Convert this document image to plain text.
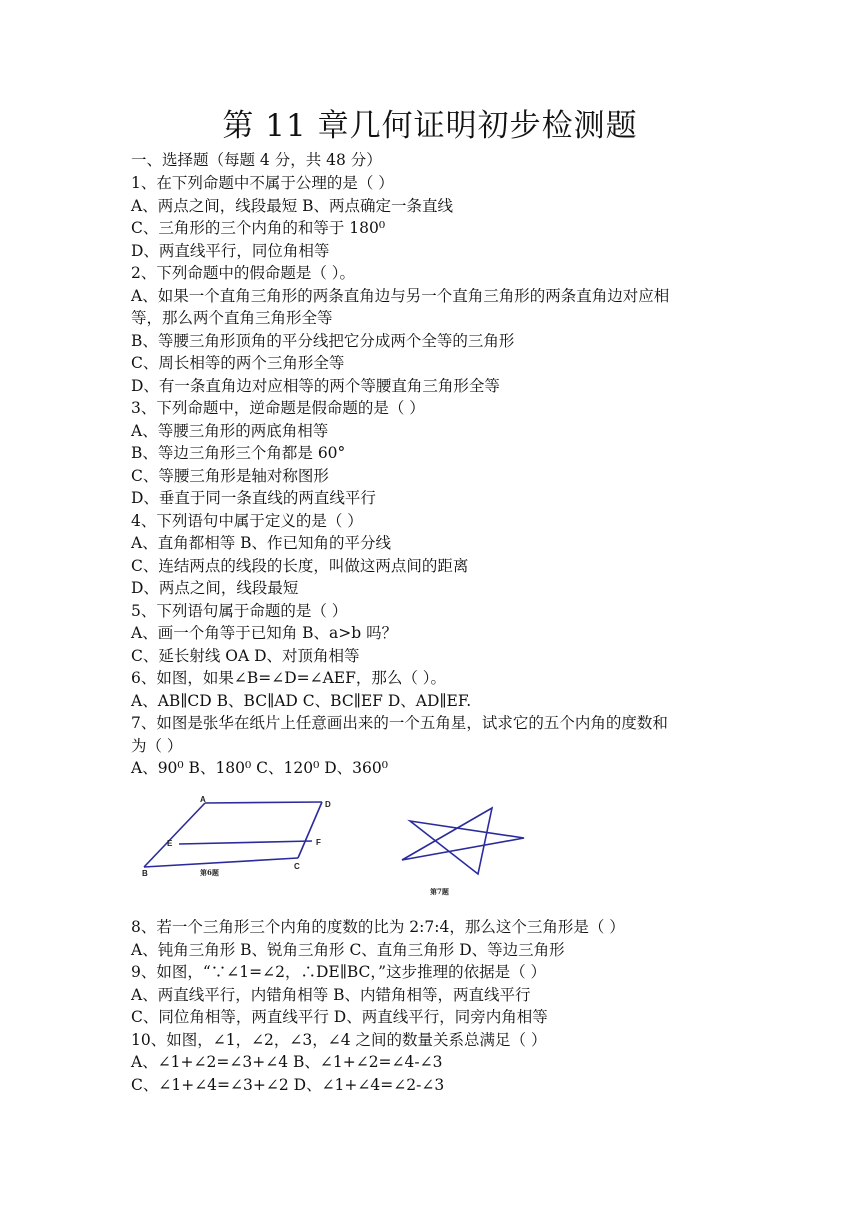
第 11 章几何证明初步检测题
一、选择题（每题 4 分，共 48 分）
1、在下列命题中不属于公理的是（ ）
A、两点之间，线段最短 B、两点确定一条直线
C、三角形的三个内角的和等于 180⁰
D、两直线平行，同位角相等
2、下列命题中的假命题是（ ）。
A、如果一个直角三角形的两条直角边与另一个直角三角形的两条直角边对应相
等，那么两个直角三角形全等
B、等腰三角形顶角的平分线把它分成两个全等的三角形
C、周长相等的两个三角形全等
D、有一条直角边对应相等的两个等腰直角三角形全等
3、下列命题中，逆命题是假命题的是（ ）
A、等腰三角形的两底角相等
B、等边三角形三个角都是 60°
C、等腰三角形是轴对称图形
D、垂直于同一条直线的两直线平行
4、下列语句中属于定义的是（ ）
A、直角都相等 B、作已知角的平分线
C、连结两点的线段的长度，叫做这两点间的距离
D、两点之间，线段最短
5、下列语句属于命题的是（ ）
A、画一个角等于已知角 B、a>b 吗？
C、延长射线 OA D、对顶角相等
6、如图，如果∠B=∠D=∠AEF，那么（ ）。
A、AB∥CD B、BC∥AD C、BC∥EF D、AD∥EF.
7、如图是张华在纸片上任意画出来的一个五角星，试求它的五个内角的度数和
为（ ）
A、90⁰ B、180⁰ C、120⁰ D、360⁰
A
D
E	F
B
C
第6题
第7题
8、若一个三角形三个内角的度数的比为 2:7:4，那么这个三角形是（ ）
A、钝角三角形 B、锐角三角形 C、直角三角形 D、等边三角形
9、如图，“∵∠1=∠2，∴DE∥BC，”这步推理的依据是（ ）
A、两直线平行，内错角相等 B、内错角相等，两直线平行
C、同位角相等，两直线平行 D、两直线平行，同旁内角相等
10、如图，∠1，∠2，∠3，∠4 之间的数量关系总满足（ ）
A、∠1+∠2=∠3+∠4 B、∠1+∠2=∠4-∠3
C、∠1+∠4=∠3+∠2 D、∠1+∠4=∠2-∠3
